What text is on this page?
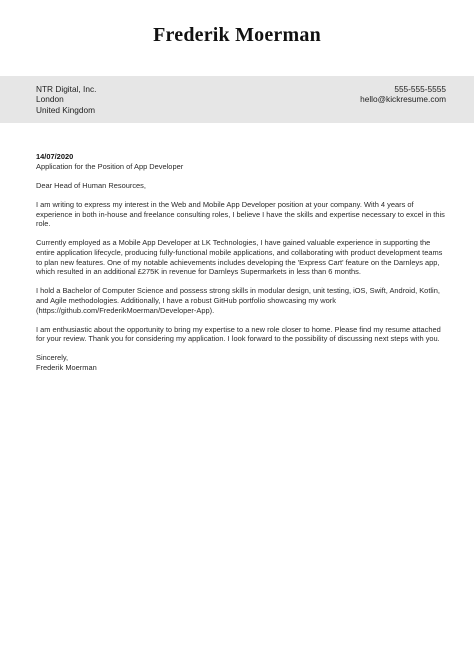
Frederik Moerman
NTR Digital, Inc.
London
United Kingdom
555-555-5555
hello@kickresume.com
14/07/2020
Application for the Position of App Developer

Dear Head of Human Resources,

I am writing to express my interest in the Web and Mobile App Developer position at your company. With 4 years of experience in both in-house and freelance consulting roles, I believe I have the skills and expertise necessary to excel in this role.

Currently employed as a Mobile App Developer at LK Technologies, I have gained valuable experience in supporting the entire application lifecycle, producing fully-functional mobile applications, and collaborating with product development teams to plan new features. One of my notable achievements includes developing the 'Express Cart' feature on the Darnleys app, which resulted in an additional £275K in revenue for Darnleys Supermarkets in less than 6 months.

I hold a Bachelor of Computer Science and possess strong skills in modular design, unit testing, iOS, Swift, Android, Kotlin, and Agile methodologies. Additionally, I have a robust GitHub portfolio showcasing my work (https://github.com/FrederikMoerman/Developer-App).

I am enthusiastic about the opportunity to bring my expertise to a new role closer to home. Please find my resume attached for your review. Thank you for considering my application. I look forward to the possibility of discussing next steps with you.

Sincerely,
Frederik Moerman
